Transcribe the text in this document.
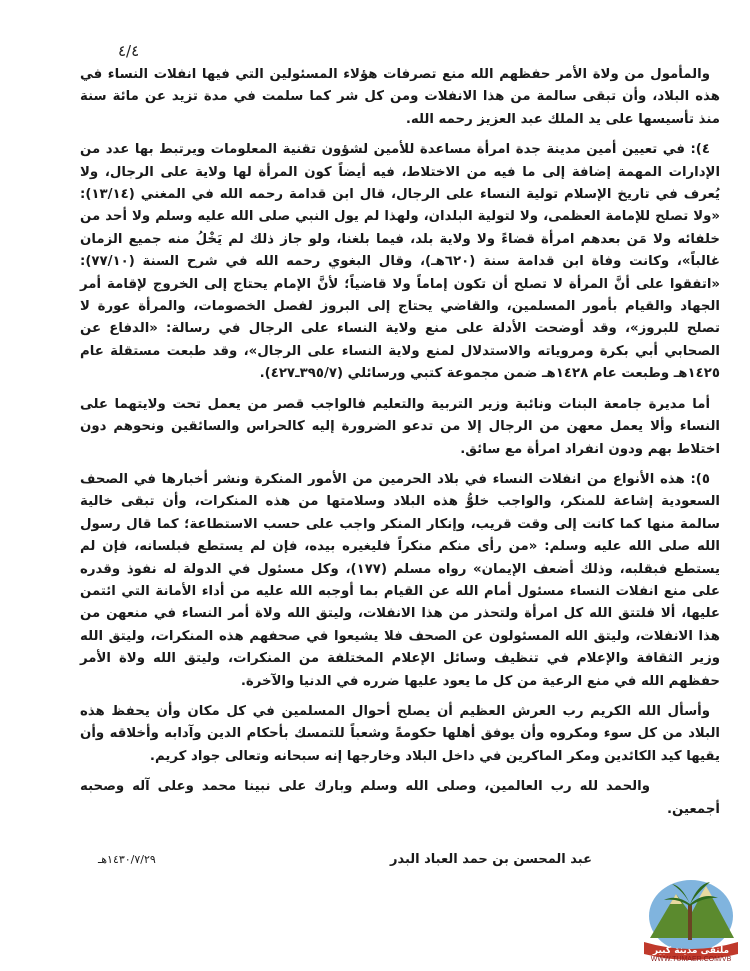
٤/٤

والمأمول من ولاة الأمر حفظهم الله منع تصرفات هؤلاء المسئولين التي فيها انفلات النساء في هذه البلاد، وأن تبقى سالمة من هذا الانفلات ومن كل شر كما سلمت في مدة تزيد عن مائة سنة منذ تأسيسها على يد الملك عبد العزيز رحمه الله.

٤): في تعيين أمين مدينة جدة امرأة مساعدة للأمين لشؤون تقنية المعلومات ويرتبط بها عدد من الإدارات المهمة إضافة إلى ما فيه من الاختلاط، فيه أيضاً كون المرأة لها ولاية على الرجال، ولا يُعرف في تاريخ الإسلام تولية النساء على الرجال، قال ابن قدامة رحمه الله في المغني (١٣/١٤): «ولا تصلح للإمامة العظمى، ولا لتولية البلدان، ولهذا لم يول النبي صلى الله عليه وسلم ولا أحد من خلفائه ولا مَن بعدهم امرأة قضاءً ولا ولاية بلد، فيما بلغنا، ولو جاز ذلك لم يَخْلُ منه جميع الزمان غالباً»، وكانت وفاة ابن قدامة سنة (٦٢٠هـ)، وقال البغوي رحمه الله في شرح السنة (٧٧/١٠): «اتفقوا على أنَّ المرأة لا تصلح أن تكون إماماً ولا قاضياً؛ لأنَّ الإمام يحتاج إلى الخروج لإقامة أمر الجهاد والقيام بأمور المسلمين، والقاضي يحتاج إلى البروز لفصل الخصومات، والمرأة عورة لا تصلح للبروز»، وقد أوضحت الأدلة على منع ولاية النساء على الرجال في رسالة: «الدفاع عن الصحابي أبي بكرة ومروياته والاستدلال لمنع ولاية النساء على الرجال»، وقد طبعت مستقلة عام ١٤٢٥هـ وطبعت عام ١٤٢٨هـ ضمن مجموعة كتبي ورسائلي (٣٩٥/٧ـ٤٢٧).

أما مديرة جامعة البنات ونائبة وزير التربية والتعليم فالواجب قصر من يعمل تحت ولايتهما على النساء وألا يعمل معهن من الرجال إلا من تدعو الضرورة إليه كالحراس والسائقين ونحوهم دون اختلاط بهم ودون انفراد امرأة مع سائق.

٥): هذه الأنواع من انفلات النساء في بلاد الحرمين من الأمور المنكرة ونشر أخبارها في الصحف السعودية إشاعة للمنكر، والواجب خلوُّ هذه البلاد وسلامتها من هذه المنكرات، وأن تبقى خالية سالمة منها كما كانت إلى وقت قريب، وإنكار المنكر واجب على حسب الاستطاعة؛ كما قال رسول الله صلى الله عليه وسلم: «من رأى منكم منكراً فليغيره بيده، فإن لم يستطع فبلسانه، فإن لم يستطع فبقلبه، وذلك أضعف الإيمان» رواه مسلم (١٧٧)، وكل مسئول في الدولة له نفوذ وقدره على منع انفلات النساء مسئول أمام الله عن القيام بما أوجبه الله عليه من أداء الأمانة التي ائتمن عليها، ألا فلتتق الله كل امرأة ولتحذر من هذا الانفلات، وليتق الله ولاة أمر النساء في منعهن من هذا الانفلات، وليتق الله المسئولون عن الصحف فلا يشيعوا في صحفهم هذه المنكرات، وليتق الله وزير الثقافة والإعلام في تنظيف وسائل الإعلام المختلفة من المنكرات، وليتق الله ولاة الأمر حفظهم الله في منع الرعية من كل ما يعود عليها ضرره في الدنيا والآخرة.

وأسأل الله الكريم رب العرش العظيم أن يصلح أحوال المسلمين في كل مكان وأن يحفظ هذه البلاد من كل سوء ومكروه وأن يوفق أهلها حكومةً وشعباً للتمسك بأحكام الدين وآدابه وأخلاقه وأن يقيها كيد الكائدين ومكر الماكرين في داخل البلاد وخارجها إنه سبحانه وتعالى جواد كريم.

والحمد لله رب العالمين، وصلى الله وسلم وبارك على نبينا محمد وعلى آله وصحبه أجمعين.

١٤٣٠/٧/٢٩هـ	عبد المحسن بن حمد العباد البدر
ملتقى مدينة كبير
WWW.TUMAER.COM/VB
